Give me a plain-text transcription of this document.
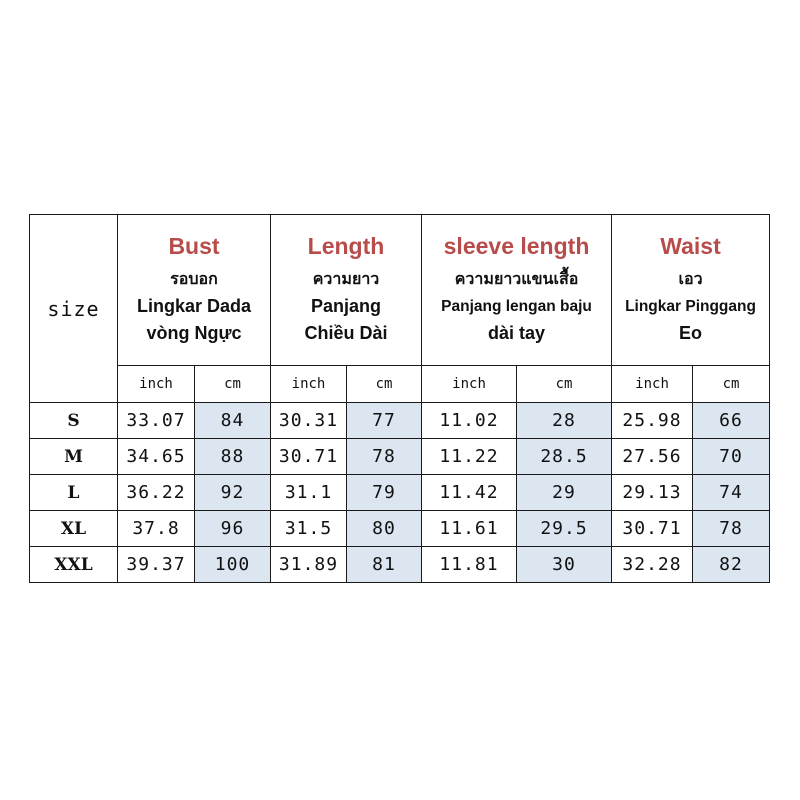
size	Bust
รอบอก
Lingkar Dada
vòng Ngực		Length
ความยาว
Panjang
Chiều Dài		sleeve length
ความยาวแขนเสื้อ
Panjang lengan baju
dài tay		Waist
เอว
Lingkar Pinggang
Eo	

	inch	cm	inch	cm	inch	cm	inch	cm
S	33.07	84	30.31	77	11.02	28	25.98	66
M	34.65	88	30.71	78	11.22	28.5	27.56	70
L	36.22	92	31.1	79	11.42	29	29.13	74
XL	37.8	96	31.5	80	11.61	29.5	30.71	78
XXL	39.37	100	31.89	81	11.81	30	32.28	82
